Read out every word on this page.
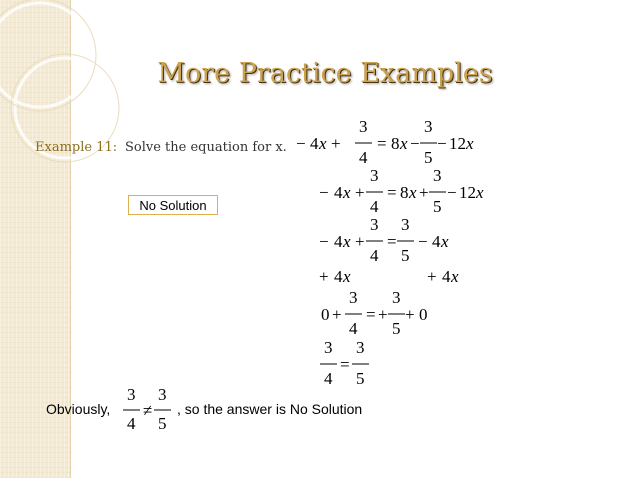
More Practice Examples
Example 11: Solve the equation for x.
No Solution
− 4 x +
3
4
= 8 x −
3
5
− 12 x
− 4 x +
3
4
= 8 x +
3
5
− 12 x
− 4 x +
3
4
=
3
5
− 4 x
+ 4 x	+ 4 x
0 +
3
4
= +
3
5
+ 0
3
4
=
3
5
3
4
≠
3
5
Obviously,	, so the answer is No Solution
